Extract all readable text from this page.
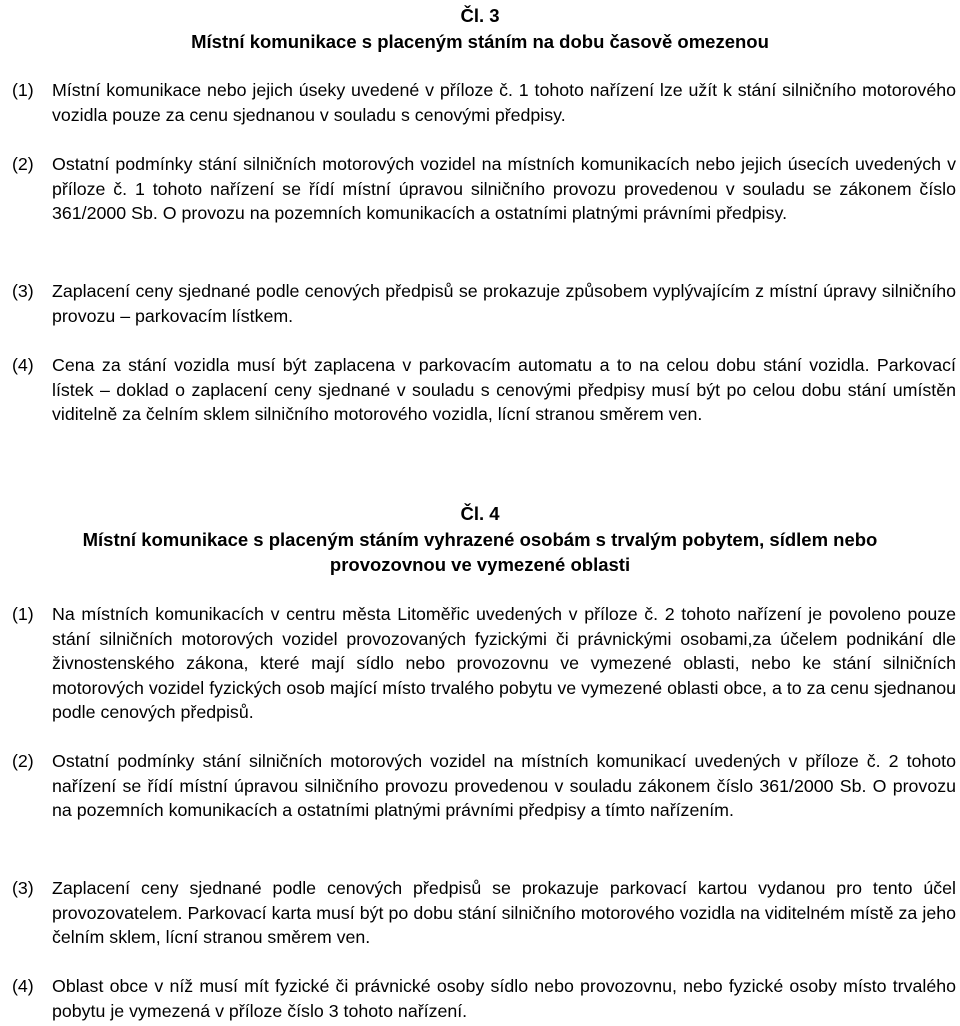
Čl. 3
Místní komunikace s placeným stáním na dobu časově omezenou
(1) Místní komunikace nebo jejich úseky uvedené v příloze č. 1 tohoto nařízení lze užít k stání silničního motorového vozidla pouze za cenu sjednanou v souladu s cenovými předpisy.
(2) Ostatní podmínky stání silničních motorových vozidel na místních komunikacích nebo jejich úsecích uvedených v příloze č. 1 tohoto nařízení se řídí místní úpravou silničního provozu provedenou v souladu se zákonem číslo 361/2000 Sb. O provozu na pozemních komunikacích a ostatními platnými právními předpisy.
(3) Zaplacení ceny sjednané podle cenových předpisů se prokazuje způsobem vyplývajícím z místní úpravy silničního provozu – parkovacím lístkem.
(4) Cena za stání vozidla musí být zaplacena v parkovacím automatu a to na celou dobu stání vozidla. Parkovací lístek – doklad o zaplacení ceny sjednané v souladu s cenovými předpisy musí být po celou dobu stání umístěn viditelně za čelním sklem silničního motorového vozidla, lícní stranou směrem ven.
Čl. 4
Místní komunikace s placeným stáním vyhrazené osobám s trvalým pobytem, sídlem nebo
provozovnou ve vymezené oblasti
(1) Na místních komunikacích v centru města Litoměřic uvedených v příloze č. 2 tohoto nařízení je povoleno pouze stání silničních motorových vozidel provozovaných fyzickými či právnickými osobami,za účelem podnikání dle živnostenského zákona, které mají sídlo nebo provozovnu ve vymezené oblasti, nebo ke stání silničních motorových vozidel fyzických osob mající místo trvalého pobytu ve vymezené oblasti obce, a to za cenu sjednanou podle cenových předpisů.
(2) Ostatní podmínky stání silničních motorových vozidel na místních komunikací uvedených v příloze č. 2 tohoto nařízení se řídí místní úpravou silničního provozu provedenou v souladu zákonem číslo 361/2000 Sb. O provozu na pozemních komunikacích a ostatními platnými právními předpisy a tímto nařízením.
(3) Zaplacení ceny sjednané podle cenových předpisů se prokazuje parkovací kartou vydanou pro tento účel provozovatelem. Parkovací karta musí být po dobu stání silničního motorového vozidla na viditelném místě za jeho čelním sklem, lícní stranou směrem ven.
(4) Oblast obce v níž musí mít fyzické či právnické osoby sídlo nebo provozovnu, nebo fyzické osoby místo trvalého pobytu je vymezená v příloze číslo 3 tohoto nařízení.
